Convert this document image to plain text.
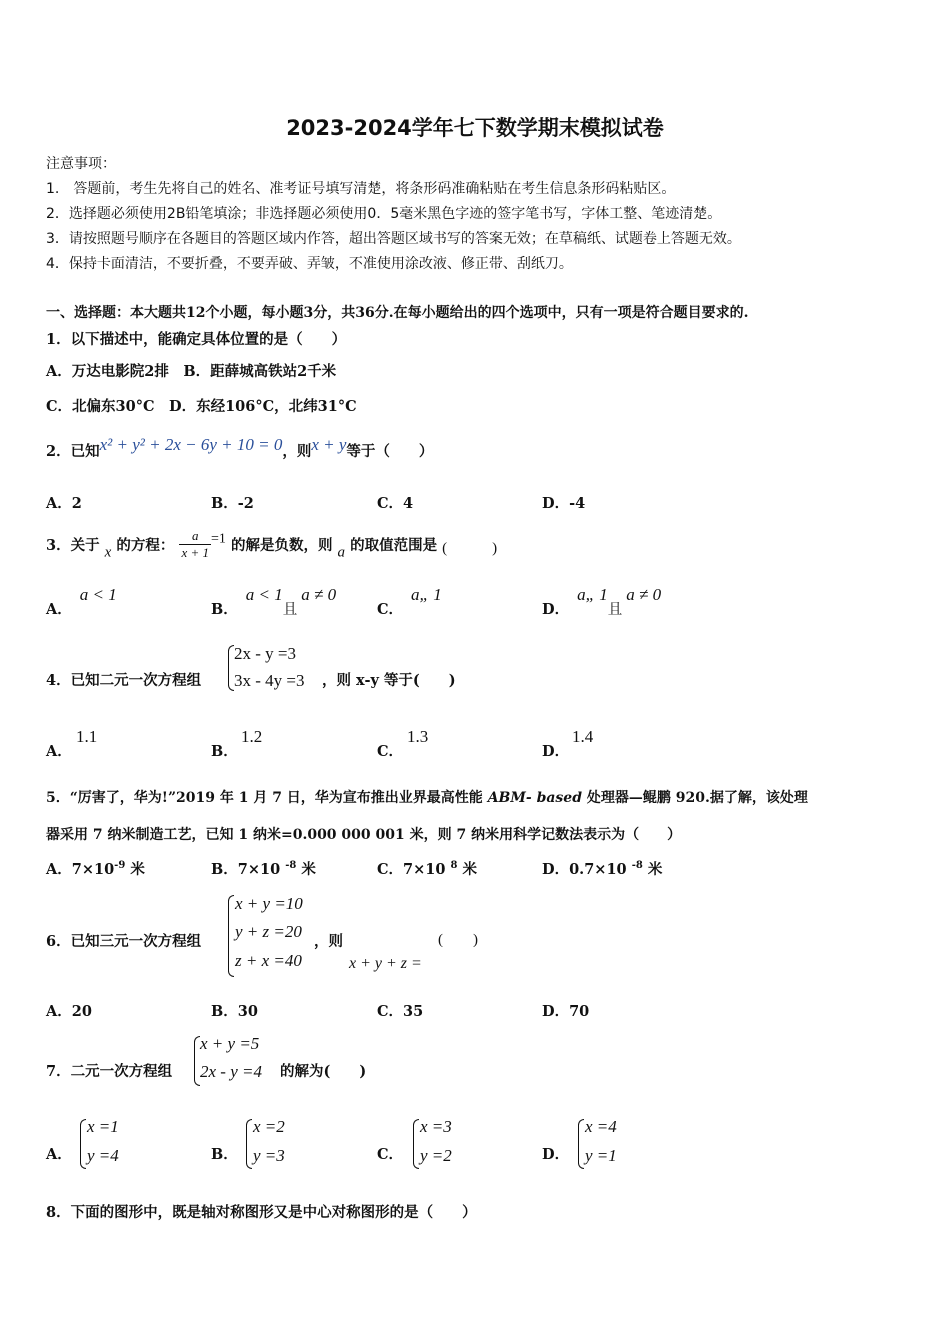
2023-2024学年七下数学期末模拟试卷
注意事项：
1.　答题前，考生先将自己的姓名、准考证号填写清楚，将条形码准确粘贴在考生信息条形码粘贴区。
2．选择题必须使用2B铅笔填涂；非选择题必须使用0．5毫米黑色字迹的签字笔书写，字体工整、笔迹清楚。
3．请按照题号顺序在各题目的答题区域内作答，超出答题区域书写的答案无效；在草稿纸、试题卷上答题无效。
4．保持卡面清洁，不要折叠，不要弄破、弄皱，不准使用涂改液、修正带、刮纸刀。
一、选择题：本大题共12个小题，每小题3分，共36分.在每小题给出的四个选项中，只有一项是符合题目要求的.
1．以下描述中，能确定具体位置的是（　　）
A．万达电影院2排　B．距薛城高铁站2千米
C．北偏东30°C　D．东经106°C，北纬31°C
2．已知x² + y² + 2x − 6y + 10 = 0，则x + y等于（　　）
A．2	B．-2	C．4	D．-4
3．关于 x 的方程： $\frac{a}{x + 1} =1$ 的解是负数，则 a 的取值范围是 (　　　)
A．a < 1
B．a < 1且a ≠ 0
C．a„ 1
D．a„ 1且a ≠ 0
4．已知二元一次方程组
2x - y =3
3x - 4y =3 ，则 x-y 等于(　　)
A．
1.1
B．
1.2
C．
1.3
D．
1.4
5．“厉害了，华为!”2019 年 1 月 7 日，华为宣布推出业界最高性能 ABM- based 处理器—鲲鹏 920.据了解，该处理
器采用 7 纳米制造工艺，已知 1 纳米=0.000 000 001 米，则 7 纳米用科学记数法表示为（　　）
A．$7\times 10^{-9}$ 米	B．7×10 $^{-8}$ 米	C．7×10 $^8$ 米	D．0.7×10 $^{-8}$ 米
6．已知三元一次方程组
x + y =10
y + z =20
z + x =40
，则
x + y + z =
(　　)
A．20	B．30	C．35	D．70
7．二元一次方程组
x + y =5
2x - y =4 的解为(　　)
A．
x =1
y =4	B．
x =2
y =3	C．
x =3
y =2	D．
x =4
y =1
8．下面的图形中，既是轴对称图形又是中心对称图形的是（　　）
